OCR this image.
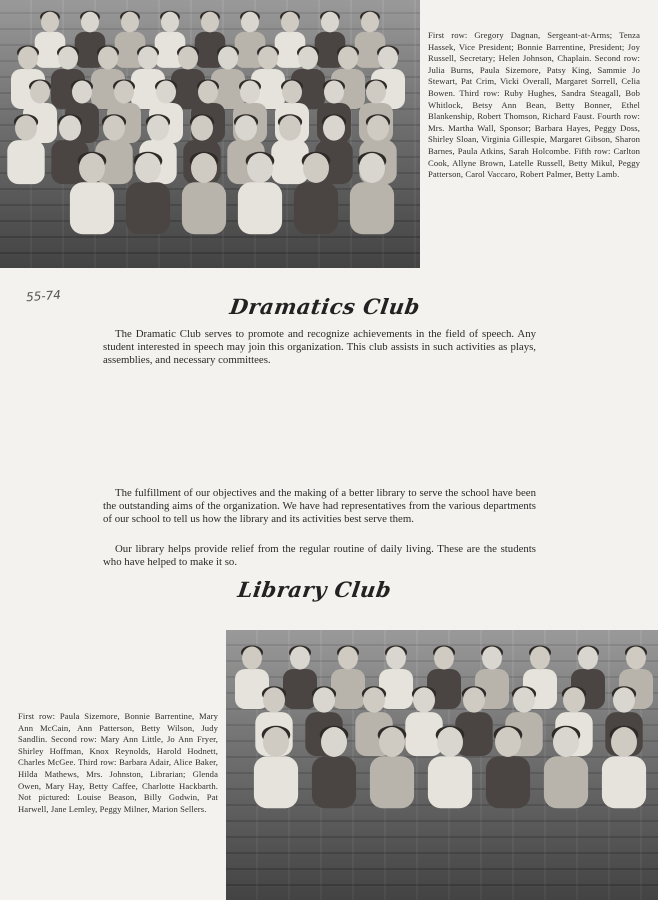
First row: Gregory Dagnan, Sergeant-at-Arms; Tenza Hassek, Vice President; Bonnie Barrentine, President; Joy Russell, Secretary; Helen Johnson, Chaplain. Second row: Julia Burns, Paula Sizemore, Patsy King, Sammie Jo Stewart, Pat Crim, Vicki Overall, Margaret Sorrell, Celia Bowen. Third row: Ruby Hughes, Sandra Steagall, Bob Whitlock, Betsy Ann Bean, Betty Bonner, Ethel Blankenship, Robert Thomson, Richard Faust. Fourth row: Mrs. Martha Wall, Sponsor; Barbara Hayes, Peggy Doss, Shirley Sloan, Virginia Gillespie, Margaret Gibson, Sharon Barnes, Paula Atkins, Sarah Holcombe. Fifth row: Carlton Cook, Allyne Brown, Latelle Russell, Betty Mikul, Peggy Patterson, Carol Vaccaro, Robert Palmer, Betty Lamb.
55-74	Dramatics Club
The Dramatic Club serves to promote and recognize achievements in the field of speech. Any student interested in speech may join this organization. This club assists in such activities as plays, assemblies, and necessary committees.
The fulfillment of our objectives and the making of a better library to serve the school have been the outstanding aims of the organization. We have had representatives from the various departments of our school to tell us how the library and its activities best serve them.
Our library helps provide relief from the regular routine of daily living. These are the students who have helped to make it so.
Library Club
First row: Paula Sizemore, Bonnie Barrentine, Mary Ann McCain, Ann Patterson, Betty Wilson, Judy Sandlin. Second row: Mary Ann Little, Jo Ann Fryer, Shirley Hoffman, Knox Reynolds, Harold Hodnett, Charles McGee. Third row: Barbara Adair, Alice Baker, Hilda Mathews, Mrs. Johnston, Librarian; Glenda Owen, Mary Hay, Betty Caffee, Charlotte Hackbarth. Not pictured: Louise Beason, Billy Godwin, Pat Harwell, Jane Lemley, Peggy Milner, Marion Sellers.
